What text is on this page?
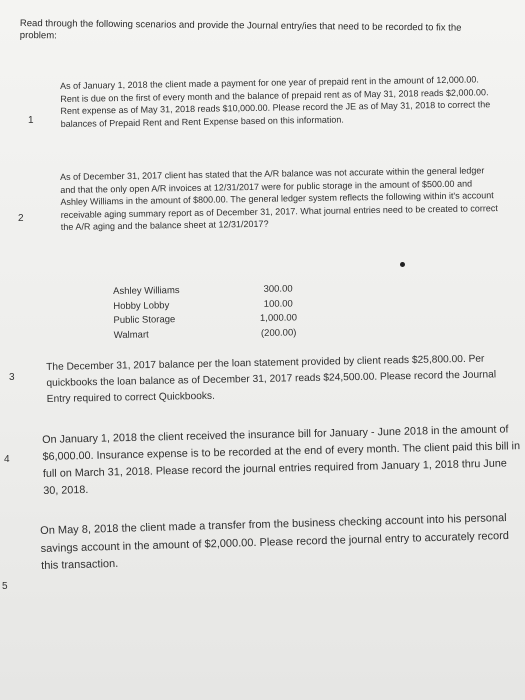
Read through the following scenarios and provide the Journal entry/ies that need to be recorded to fix the problem:
1
As of January 1, 2018 the client made a payment for one year of prepaid rent in the amount of 12,000.00. Rent is due on the first of every month and the balance of prepaid rent as of May 31, 2018 reads $2,000.00. Rent expense as of May 31, 2018 reads $10,000.00. Please record the JE as of May 31, 2018 to correct the balances of Prepaid Rent and Rent Expense based on this information.
2
As of December 31, 2017 client has stated that the A/R balance was not accurate within the general ledger and that the only open A/R invoices at 12/31/2017 were for public storage in the amount of $500.00 and Ashley Williams in the amount of $800.00. The general ledger system reflects the following within it's account receivable aging summary report as of December 31, 2017. What journal entries need to be created to correct the A/R aging and the balance sheet at 12/31/2017?
Ashley Williams	300.00
Hobby Lobby	100.00
Public Storage	1,000.00
Walmart	(200.00)
3
The December 31, 2017 balance per the loan statement provided by client reads $25,800.00. Per quickbooks the loan balance as of December 31, 2017 reads $24,500.00. Please record the Journal Entry required to correct Quickbooks.
4
On January 1, 2018 the client received the insurance bill for January - June 2018 in the amount of $6,000.00. Insurance expense is to be recorded at the end of every month. The client paid this bill in full on March 31, 2018. Please record the journal entries required from January 1, 2018 thru June 30, 2018.
5
On May 8, 2018 the client made a transfer from the business checking account into his personal savings account in the amount of $2,000.00. Please record the journal entry to accurately record this transaction.
